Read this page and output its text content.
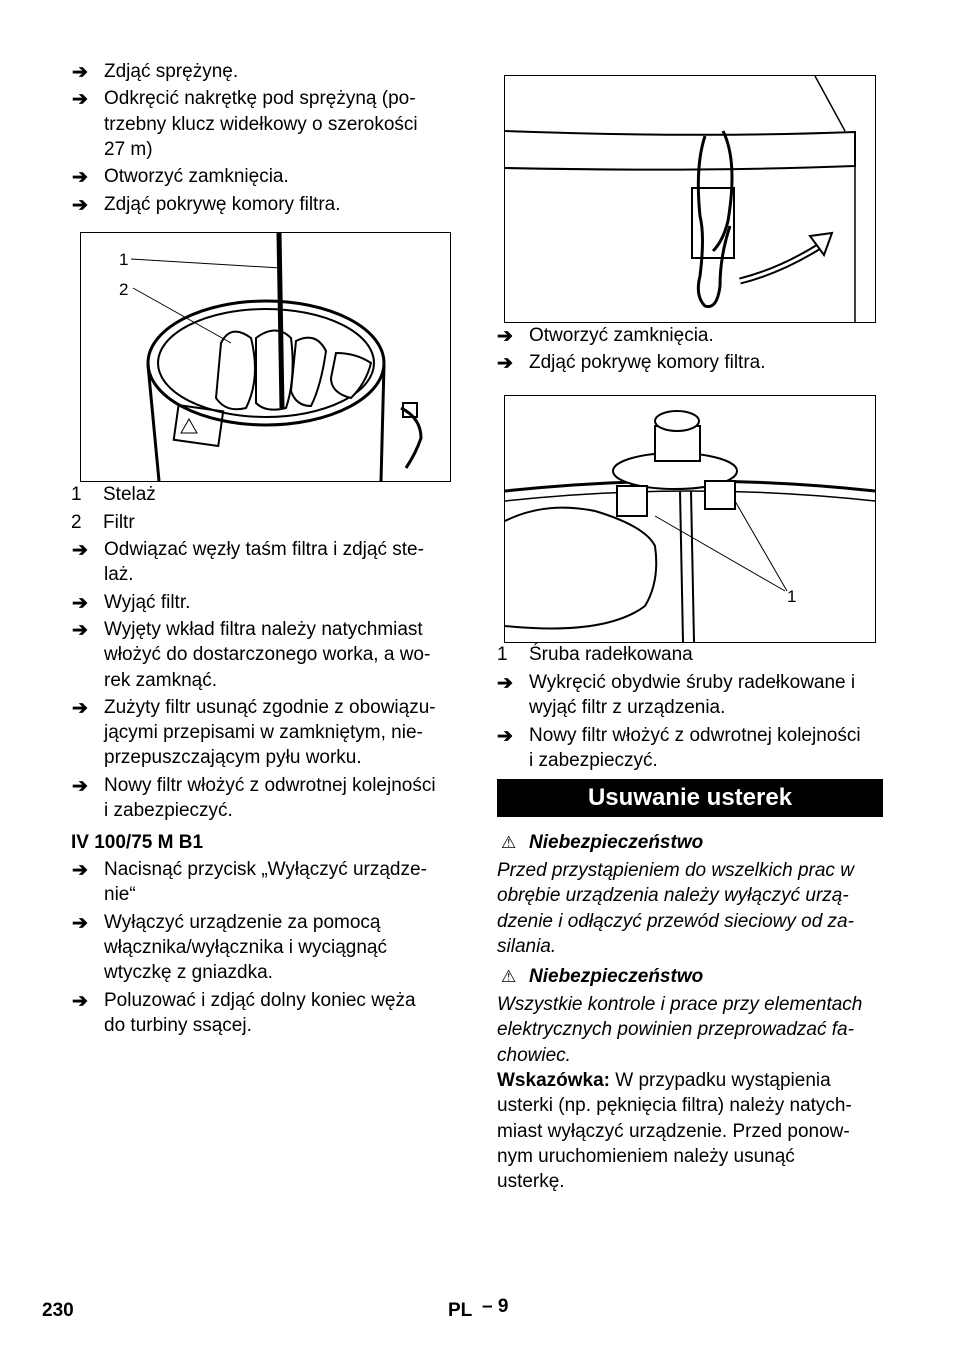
➔ Zdjąć sprężynę.
➔ Odkręcić nakrętkę pod sprężyną (po-
trzebny klucz widełkowy o szerokości
27 m)
➔ Otworzyć zamknięcia.
➔ Zdjąć pokrywę komory filtra.
1
2
1 Stelaż
2 Filtr
➔ Odwiązać węzły taśm filtra i zdjąć ste-
laż.
➔ Wyjąć filtr.
➔ Wyjęty wkład filtra należy natychmiast
włożyć do dostarczonego worka, a wo-
rek zamknąć.
➔ Zużyty filtr usunąć zgodnie z obowiązu-
jącymi przepisami w zamkniętym, nie-
przepuszczającym pyłu worku.
➔ Nowy filtr włożyć z odwrotnej kolejności
i zabezpieczyć.
IV 100/75 M B1
➔ Nacisnąć przycisk „Wyłączyć urządze-
nie“
➔ Wyłączyć urządzenie za pomocą
włącznika/wyłącznika i wyciągnąć
wtyczkę z gniazdka.
➔ Poluzować i zdjąć dolny koniec węża
do turbiny ssącej.
➔ Otworzyć zamknięcia.
➔ Zdjąć pokrywę komory filtra.
1
1 Śruba radełkowana
➔ Wykręcić obydwie śruby radełkowane i
wyjąć filtr z urządzenia.
➔ Nowy filtr włożyć z odwrotnej kolejności
i zabezpieczyć.
Usuwanie usterek
⚠ Niebezpieczeństwo
Przed przystąpieniem do wszelkich prac w
obrębie urządzenia należy wyłączyć urzą-
dzenie i odłączyć przewód sieciowy od za-
silania.
⚠ Niebezpieczeństwo
Wszystkie kontrole i prace przy elementach
elektrycznych powinien przeprowadzać fa-
chowiec.
Wskazówka: W przypadku wystąpienia
usterki (np. pęknięcia filtra) należy natych-
miast wyłączyć urządzenie. Przed ponow-
nym uruchomieniem należy usunąć
usterkę.
230	PL – 9
